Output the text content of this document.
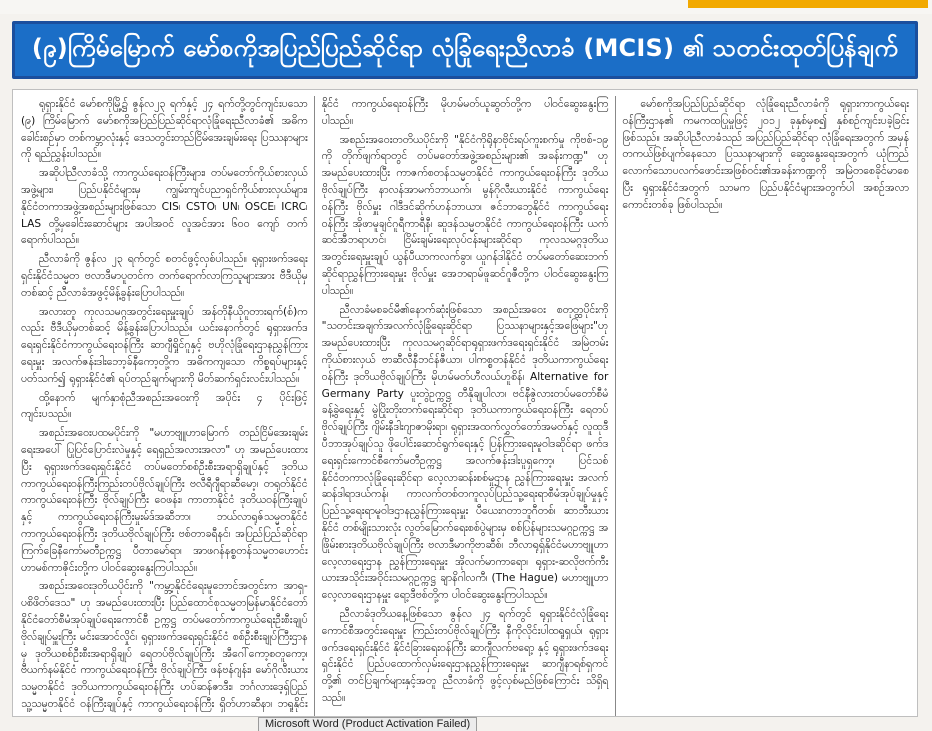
(၉)ကြိမ်မြောက် မော်စကိုအပြည်ပြည်ဆိုင်ရာ လုံခြုံရေးညီလာခံ (MCIS) ၏ သတင်းထုတ်ပြန်ချက်

ရုရှားနိုင်ငံ မော်စကိုမြို့၌ ဇွန်လ၂၃ ရက်နှင့် ၂၄ ရက်တို့တွင်ကျင်းပသော (၉) ကြိမ်မြောက် မော်စကိုအပြည်ပြည်ဆိုင်ရာလုံခြုံရေးညီလာခံ၏ အဓိကခေါင်းစဉ်မှာ တစ်ကမ္ဘာလုံးနှင့် ဒေသတွင်းတည်ငြိမ်အေးချမ်းရေး ပြဿနာများကို ရည်ညွှန်းပါသည်။

အဆိုပါညီလာခံသို့ ကာကွယ်ရေးဝန်ကြီးများ၊ တပ်မတော်ကိုယ်စားလှယ်အဖွဲ့များ၊ ပြည်ပနိုင်ငံများမှ ကျွမ်းကျင်ပညာရှင်ကိုယ်စားလှယ်များ၊ နိုင်ငံတကာအဖွဲ့အစည်းများဖြစ်သော CIS၊ CSTO၊ UN၊ OSCE၊ ICRC၊ LAS တို့မှခေါင်းဆောင်များ အပါအဝင် လူအင်အား ၆၀၀ ကျော် တက်ရောက်ပါသည်။

ညီလာခံကို ဇွန်လ ၂၃ ရက်တွင် စတင်ဖွင့်လှစ်ပါသည်။ ရုရှားဖက်ဒရေးရှင်းနိုင်ငံသမ္မတ ဗလာဒီမာပူတင်က တက်ရောက်လာကြသူများအား ဗီဒီယိုမှတစ်ဆင့် ညီလာခံအဖွင့်မိန့်ခွန်းပြောပါသည်။

အလားတူ ကုလသမဂ္ဂအတွင်းရေးမှူးချုပ် အန်တိုနီယိုဂူတားရက်(စ်)ကလည်း ဗီဒီယိုမှတစ်ဆင့် မိန့်ခွန်းပြောပါသည်။ ယင်းနောက်တွင် ရုရှားဖက်ဒရေးရှင်းနိုင်ငံကာကွယ်ရေးဝန်ကြီး ဆာဂျီရှိုင်ဂူနှင့် ဗဟိုလုံခြုံရေးဌာနညွှန်ကြားရေးမှူး အလက်ဇန်းဒါးဘော့ခ်နီကော့တို့က အဓိကကျသော ကိစ္စရပ်များနှင့်ပတ်သက်၍ ရုရှားနိုင်ငံ၏ ရပ်တည်ချက်များကို မိတ်ဆက်ရှင်းလင်းပါသည်။

ထို့နောက် မျက်နှာစုံညီအစည်းအဝေးကို အပိုင်း ၄ ပိုင်းဖြင့် ကျင်းပသည်။

အစည်းအဝေးပထမပိုင်းကို "မဟာဗျူဟာမြောက် တည်ငြိမ်အေးချမ်းရေးအပေါ် ပြုပြင်ပြောင်းလဲမှုနှင့် ရေရှည်အလားအလာ" ဟု အမည်ပေးထားပြီး ရုရှားဖက်ဒရေးရှင်းနိုင်ငံ တပ်မတော်စစ်ဦးစီးအရာရှိချုပ်နှင့် ဒုတိယကာကွယ်ရေးဝန်ကြီးကြည်းတပ်ဗိုလ်ချုပ်ကြီး ဗလီရီဂျီရာဆီမော့၊ တရုတ်နိုင်ငံကာကွယ်ရေးဝန်ကြီး ဗိုလ်ချုပ်ကြီး ဝေဖန်း၊ ကာတာနိုင်ငံ ဒုတိယဝန်ကြီးချုပ်နှင့် ကာကွယ်ရေးဝန်ကြီးမှုးမ်ဒ်အဆီဘာ၊ ဘယ်လာရုဇ်သမ္မတနိုင်ငံ ကာကွယ်ရေးဝန်ကြီး ဒုတိယဗိုလ်ချုပ်ကြီး ဗစ်တာခရီနင်၊ အပြည်ပြည်ဆိုင်ရာကြက်ခြေနီကော်မတီဥက္ကဋ္ဌ ပီတာမော်ရာ၊ အာဖဂန်နစ္စတန်သမ္မတဟောင်း ဟာမစ်ကာဇိုင်းတို့က ပါဝင်ဆွေးနွေးကြပါသည်။

အစည်းအဝေးဒုတိယပိုင်းကို "ကမ္ဘာ့နိုင်ငံရေးမူဘောင်အတွင်းက အာရှ-ပစိဖိတ်ဒေသ" ဟု အမည်ပေးထားပြီး ပြည်ထောင်စုသမ္မတမြန်မာနိုင်ငံတော် နိုင်ငံတော်စီမံအုပ်ချုပ်ရေးကောင်စီ ဥက္ကဋ္ဌ တပ်မတော်ကာကွယ်ရေးဦးစီးချုပ် ဗိုလ်ချုပ်မှူးကြီး မင်းအောင်လှိုင်၊ ရုရှားဖက်ဒရေးရှင်းနိုင်ငံ စစ်ဦးစီးချုပ်ကြီးဌာနမှ ဒုတိယစစ်ဦးစီးအရာရှိချုပ် ရေတပ်ဗိုလ်ချုပ်ကြီး အီဂေါ်ကော့စတူကော့၊ ဗီယက်နမ်နိုင်ငံ ကာကွယ်ရေးဝန်ကြီး ဗိုလ်ချုပ်ကြီး ဖန်ဗန်ဂျန်း၊ မော်ဂိုလီးယားသမ္မတနိုင်ငံ ဒုတိယကာကွယ်ရေးဝန်ကြီး ဟပ်ဆန်ဇာဒီး၊ ဘင်္ဂလားဒေ့ရှ်ပြည်သူ့သမ္မတနိုင်ငံ ဝန်ကြီးချုပ်နှင့် ကာကွယ်ရေးဝန်ကြီး ရှိတ်ဟာဆီနာ၊ ဘရူနိုင်းနိုင်ငံ ကာကွယ်ရေးဝန်ကြီး မိုဟမ်မတ်ယူဆွတ်တို့က ပါဝင်ဆွေးနွေးကြပါသည်။

အစည်းအဝေးတတိယပိုင်းကို "နိုင်ငံကိုရိုနာဗိုင်းရပ်ကူးစက်မှု ကိုဗစ်-၁၉ ကို တိုက်ဖျက်ရာတွင် တပ်မတော်အဖွဲ့အစည်းများ၏ အခန်းကဏ္ဍ" ဟု အမည်ပေးထားပြီး ကာဇက်စတန်သမ္မတနိုင်ငံ ကာကွယ်ရေးဝန်ကြီး ဒုတိယဗိုလ်ချုပ်ကြီး နာလန်အာမက်ဘာယက်၊ မွန်ဂိုလီးယားနိုင်ငံ ကာကွယ်ရေးဝန်ကြီး ဗိုလ်မှူး ဂါဒီဒင်ဆိုက်ဟန်ဘာယာ၊ ဇင်ဘာဘွေနိုင်ငံ ကာကွယ်ရေးဝန်ကြီး အိုဖာမူချင်ဂူရီကာရီနီ၊ ဆူဒန်သမ္မတနိုင်ငံ ကာကွယ်ရေးဝန်ကြီး ယက်ဆင်အီဘရာဟင်၊ ငြိမ်းချမ်းရေးလုပ်ငန်းများဆိုင်ရာ ကုလသမဂ္ဂဒုတိယအတွင်းရေးမှူးချုပ် ယွန်ပီယာကလက်ခွာ၊ ယူဂန်ဒါနိုင်ငံ တပ်မတော်ဆေးဘက်ဆိုင်ရာညွှန်ကြားရေးမှူး ဗိုလ်မှူး အေဘရာမ်ဖူဆင်ဂူဇီတို့က ပါဝင်ဆွေးနွေးကြပါသည်။

ညီလာခံမစခင်မီ၏နောက်ဆုံးဖြစ်သော အစည်းအဝေး စတုတ္ထပိုင်းကို "သတင်းအချက်အလက်လုံခြုံရေးဆိုင်ရာ ပြဿနာများနှင့်အဖြေများ"ဟု အမည်ပေးထားပြီး ကုလသမဂ္ဂဆိုင်ရာရုရှားဖက်ဒရေးရှင်းနိုင်ငံ အမြဲတမ်းကိုယ်စားလှယ် ဗာဆီလီနီဘင်န်ဇီယာ၊ ပါကစ္စတန်နိုင်ငံ ဒုတိယကာကွယ်ရေးဝန်ကြီး ဒုတိယဗိုလ်ချုပ်ကြီး မိုဟမ်မတ်ဟီလယ်ဟူစိန်၊ Alternative for Germany Party ပူးတွဲဥက္ကဋ္ဌ တီနိုချုပါလာ၊ ဗင်နီဇွဲလားတပ်မတော်စီမံခန့်ခွဲရေးနှင့် မွဲပြိုးတိုးတက်ရေးဆိုင်ရာ ဒုတိယကာကွယ်ရေးဝန်ကြီး ရေတပ်ဗိုလ်ချုပ်ကြီး ဂျိမ်းနီဒါးဂျာဇာမိုးရာ၊ ရုရှားအထက်လွှတ်တော်အမတ်နှင့် လူထုဒီပီဘာအုပ်ချုပ်သူ ဖိုပေါင်းဆောင်ရွက်ရေးနှင့် ပြန်ကြားရေးမူဝါဒဆိုင်ရာ ဖက်ဒရေးရှင်းကောင်စီကော်မတီဥက္ကဋ္ဌ အလက်ဇန်းဒါးပူရှကော့၊ ပြင်သစ်နိုင်ငံတကာလုံခြုံရေးဆိုင်ရာ လေ့လာဆန်းစစ်မှုဌာန ညွှန်ကြားရေးမှူး အလက်ဆန်ဒါရာဒယ်ကန်၊ ကာလက်တစ်တကူလုပ်ပြည်သူ့ရေးရာစီမံအုပ်ချုပ်မှုနှင့် ပြည်သူ့ရေးရာမူဝါဒဌာနညွှန်ကြားရေးမှူး ပီယေးဂတာဘူဂီတစ်၊ ဆာဘီးယားနိုင်ငံ တစ်မျိုးသားလုံး လွတ်မြောက်ရေးစစ်ပွဲများမှ စစ်ပြန်များသမဂ္ဂဥက္ကဋ္ဌ အဖြိုမ်းစားဒုတိယဗိုလ်ချုပ်ကြီး ဗလာဒီမာကိုဗာဆီစ်၊ ဘီလာရုရှ်နိုင်ငံမဟာဗျူဟာလေ့လာရေးဌာန ညွှန်ကြားရေးမှူး အိုလက်မာကာရော၊ ရုရှား-ဆလိုဗက်ကီးယားအသိုင်းအဝိုင်းသမဂ္ဂဥက္ကဋ္ဌ ချာနိဂါလကီ၊ (The Hague) မဟာဗျူဟာလေ့လာရေးဌာနမှူး ရော့ဒီဗစ်တို့က ပါဝင်ဆွေးနွေးကြပါသည်။

ညီလာခံဒုတိယနေ့ဖြစ်သော ဇွန်လ ၂၄ ရက်တွင် ရုရှားနိုင်ငံလုံခြုံရေးကောင်စီအတွင်းရေးမှူး ကြည်းတပ်ဗိုလ်ချုပ်ကြီး နီကိုလိုင်းပါထရူရှယ်၊ ရုရှားဖက်ဒရေးရှင်းနိုင်ငံ နိုင်ငံခြားရေးဝန်ကြီး ဆာဂျီလက်ဗရော့ နှင့် ရုရှားဖက်ဒရေးရှင်းနိုင်ငံ ပြည်ပထောက်လှမ်းရေးဌာနညွှန်ကြားရေးမှူး ဆာဂျီနာရစ်ရှကင်တို့၏ တင်ပြချက်များနှင့်အတူ ညီလာခံကို ဖွင့်လှစ်မည်ဖြစ်ကြောင်း သိရှိရသည်။

မော်စကိုအပြည်ပြည်ဆိုင်ရာ လုံခြုံရေးညီလာခံကို ရုရှားကာကွယ်ရေး ဝန်ကြီးဌာန၏ ကမကထပြုမှုဖြင့် ၂၀၁၂ ခုနှစ်မှစ၍ နှစ်စဉ်ကျင်းပခဲ့ခြင်းဖြစ်သည်။ အဆိုပါညီလာခံသည် အပြည်ပြည်ဆိုင်ရာ လုံခြုံရေးအတွက် အမှန်တကယ်ဖြစ်ပျက်နေသော ပြဿနာများကို ဆွေးနွေးရေးအတွက် ယုံကြည်လောက်သောပလက်ဖောင်းအဖြစ်ဝင်း၏အခန်းကဏ္ဍကို အမြဲတစေခိုင်မာစေပြီး ရုရှားနိုင်ငံအတွက် သာမက ပြည်ပနိုင်ငံများအတွက်ပါ အစဉ်အလာကောင်းတစ်ခု ဖြစ်ပါသည်။

Microsoft Word (Product Activation Failed)
